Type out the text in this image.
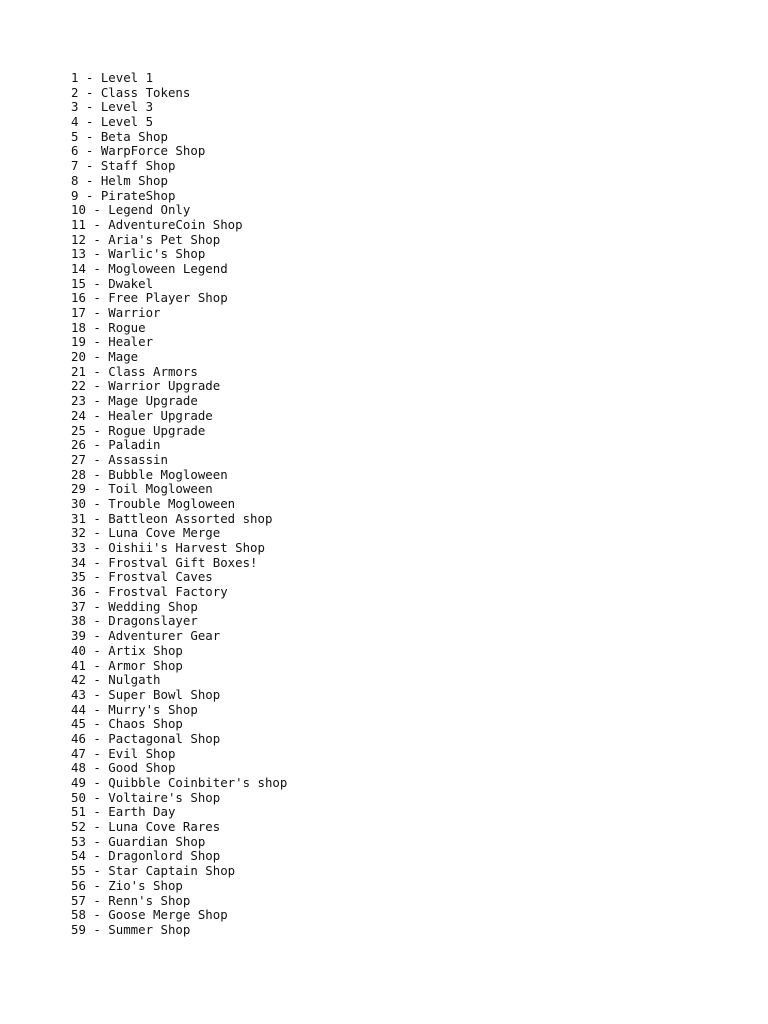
1 - Level 1
2 - Class Tokens
3 - Level 3
4 - Level 5
5 - Beta Shop
6 - WarpForce Shop
7 - Staff Shop
8 - Helm Shop
9 - PirateShop
10 - Legend Only
11 - AdventureCoin Shop
12 - Aria's Pet Shop
13 - Warlic's Shop
14 - Mogloween Legend
15 - Dwakel
16 - Free Player Shop
17 - Warrior
18 - Rogue
19 - Healer
20 - Mage
21 - Class Armors
22 - Warrior Upgrade
23 - Mage Upgrade
24 - Healer Upgrade
25 - Rogue Upgrade
26 - Paladin
27 - Assassin
28 - Bubble Mogloween
29 - Toil Mogloween
30 - Trouble Mogloween
31 - Battleon Assorted shop
32 - Luna Cove Merge
33 - Oishii's Harvest Shop
34 - Frostval Gift Boxes!
35 - Frostval Caves
36 - Frostval Factory
37 - Wedding Shop
38 - Dragonslayer
39 - Adventurer Gear
40 - Artix Shop
41 - Armor Shop
42 - Nulgath
43 - Super Bowl Shop
44 - Murry's Shop
45 - Chaos Shop
46 - Pactagonal Shop
47 - Evil Shop
48 - Good Shop
49 - Quibble Coinbiter's shop
50 - Voltaire's Shop
51 - Earth Day
52 - Luna Cove Rares
53 - Guardian Shop
54 - Dragonlord Shop
55 - Star Captain Shop
56 - Zio's Shop
57 - Renn's Shop
58 - Goose Merge Shop
59 - Summer Shop
